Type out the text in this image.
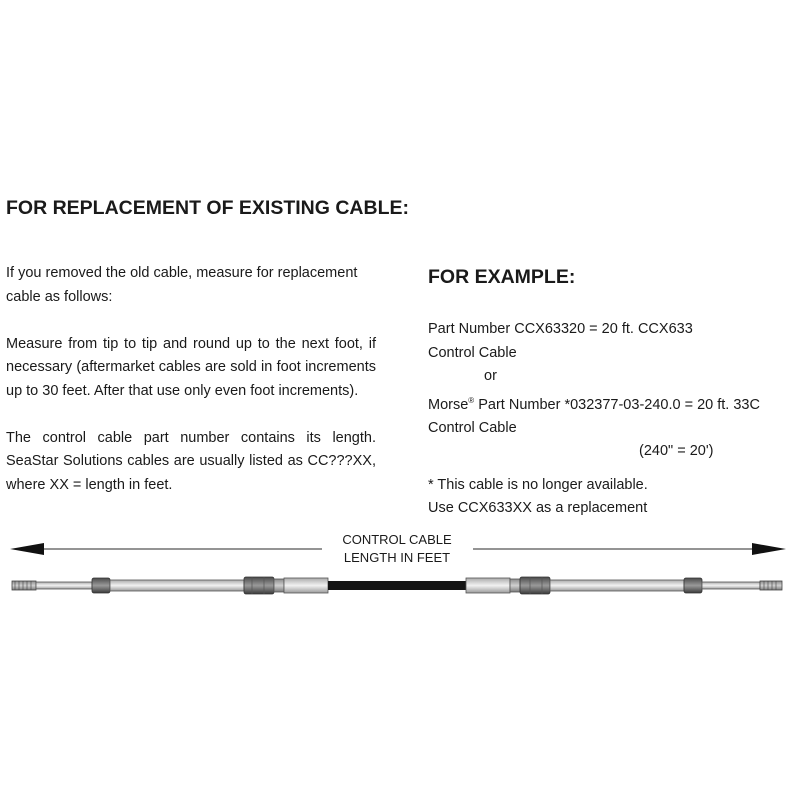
FOR REPLACEMENT OF EXISTING CABLE:

If you removed the old cable, measure for replacement
cable as follows:

Measure from tip to tip and round up to the next foot, if necessary (aftermarket cables are sold in foot increments up to 30 feet. After that use only even foot increments).

The control cable part number contains its length. SeaStar Solutions cables are usually listed as CC???XX, where XX = length in feet.

FOR EXAMPLE:
Part Number CCX63320 = 20 ft. CCX633
Control Cable
or
Morse® Part Number *032377-03-240.0 = 20 ft. 33C
Control Cable
(240" = 20')
* This cable is no longer available.
Use CCX633XX as a replacement
CONTROL CABLE
LENGTH IN FEET
